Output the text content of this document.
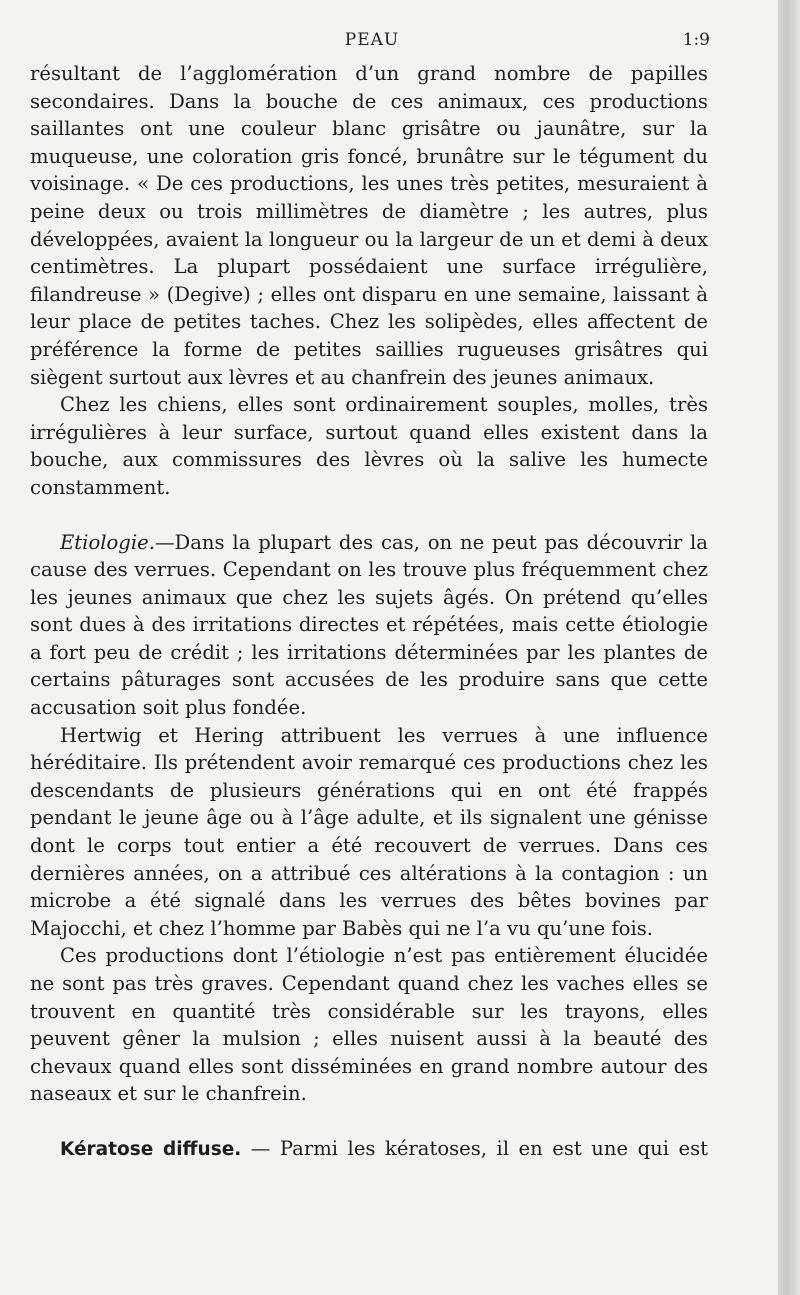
PEAU	1:9

résultant de l’agglomération d’un grand nombre de papilles secondaires. Dans la bouche de ces animaux, ces productions saillantes ont une couleur blanc grisâtre ou jaunâtre, sur la muqueuse, une coloration gris foncé, brunâtre sur le tégument du voisinage. « De ces productions, les unes très petites, mesuraient à peine deux ou trois millimètres de diamètre ; les autres, plus développées, avaient la longueur ou la largeur de un et demi à deux centimètres. La plupart possédaient une surface irrégulière, filandreuse » (Degive) ; elles ont disparu en une semaine, laissant à leur place de petites taches. Chez les solipèdes, elles affectent de préférence la forme de petites saillies rugueuses grisâtres qui siègent surtout aux lèvres et au chanfrein des jeunes animaux.

Chez les chiens, elles sont ordinairement souples, molles, très irrégulières à leur surface, surtout quand elles existent dans la bouche, aux commissures des lèvres où la salive les humecte constamment.

Etiologie.—Dans la plupart des cas, on ne peut pas découvrir la cause des verrues. Cependant on les trouve plus fréquemment chez les jeunes animaux que chez les sujets âgés. On prétend qu’elles sont dues à des irritations directes et répétées, mais cette étiologie a fort peu de crédit ; les irritations déterminées par les plantes de certains pâturages sont accusées de les produire sans que cette accusation soit plus fondée.

Hertwig et Hering attribuent les verrues à une influence héréditaire. Ils prétendent avoir remarqué ces productions chez les descendants de plusieurs générations qui en ont été frappés pendant le jeune âge ou à l’âge adulte, et ils signalent une génisse dont le corps tout entier a été recouvert de verrues. Dans ces dernières années, on a attribué ces altérations à la contagion : un microbe a été signalé dans les verrues des bêtes bovines par Majocchi, et chez l’homme par Babès qui ne l’a vu qu’une fois.

Ces productions dont l’étiologie n’est pas entièrement élucidée ne sont pas très graves. Cependant quand chez les vaches elles se trouvent en quantité très considérable sur les trayons, elles peuvent gêner la mulsion ; elles nuisent aussi à la beauté des chevaux quand elles sont disséminées en grand nombre autour des naseaux et sur le chanfrein.

Kératose diffuse. — Parmi les kératoses, il en est une qui est
